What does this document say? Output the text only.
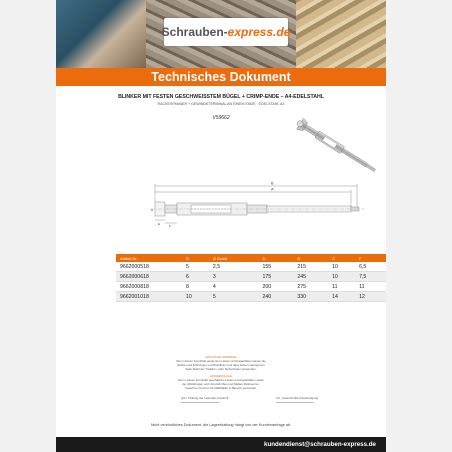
Schrauben- express.de
Technisches Dokument
BLINKER MIT FESTEN GESCHWEISSTEM BÜGEL + CRIMP-ENDE – A4-EDELSTAHL
RACKESPANNER + GEWINDETERMINAL AN EINEM ENDE · EDELSTAHL A4
V59662
B
A
D
E	F
Artikel-Nr.	D	Ø Draht	A	B	C	F
9662000518	5	2,5	155	215	10	6,5
9662000618	6	3	175	245	10	7,5
9662000818	8	4	200	275	11	11
9662001018	10	5	240	330	14	12
WICHTIGE HINWEISE
Die in diesen Formblatt genannten Lasten und Kapazitäten setzen die Einbau und Nutzungen und Richtlinien und dass keinen verbogenen Seile bleibt der Tradition, oder Sicherheiten verwenden.
HINWEIS/LAGE
Die in diesen Formblatt geschätzten Lasten und Kapazitäten sowie der Abbildungen und Unterschriften und Maßen-Referenzen, Gesehnen Formen für Maßblätter in Bereich verwendet.
QS / Prüfung der Lieferant Anschrift	Ort, Unterschriften/Ausfertigung
Nicht verbindliches Dokument, die Lageerhaltung hängt von der Kundenanfrage ab.
kundendienst@schrauben-express.de
